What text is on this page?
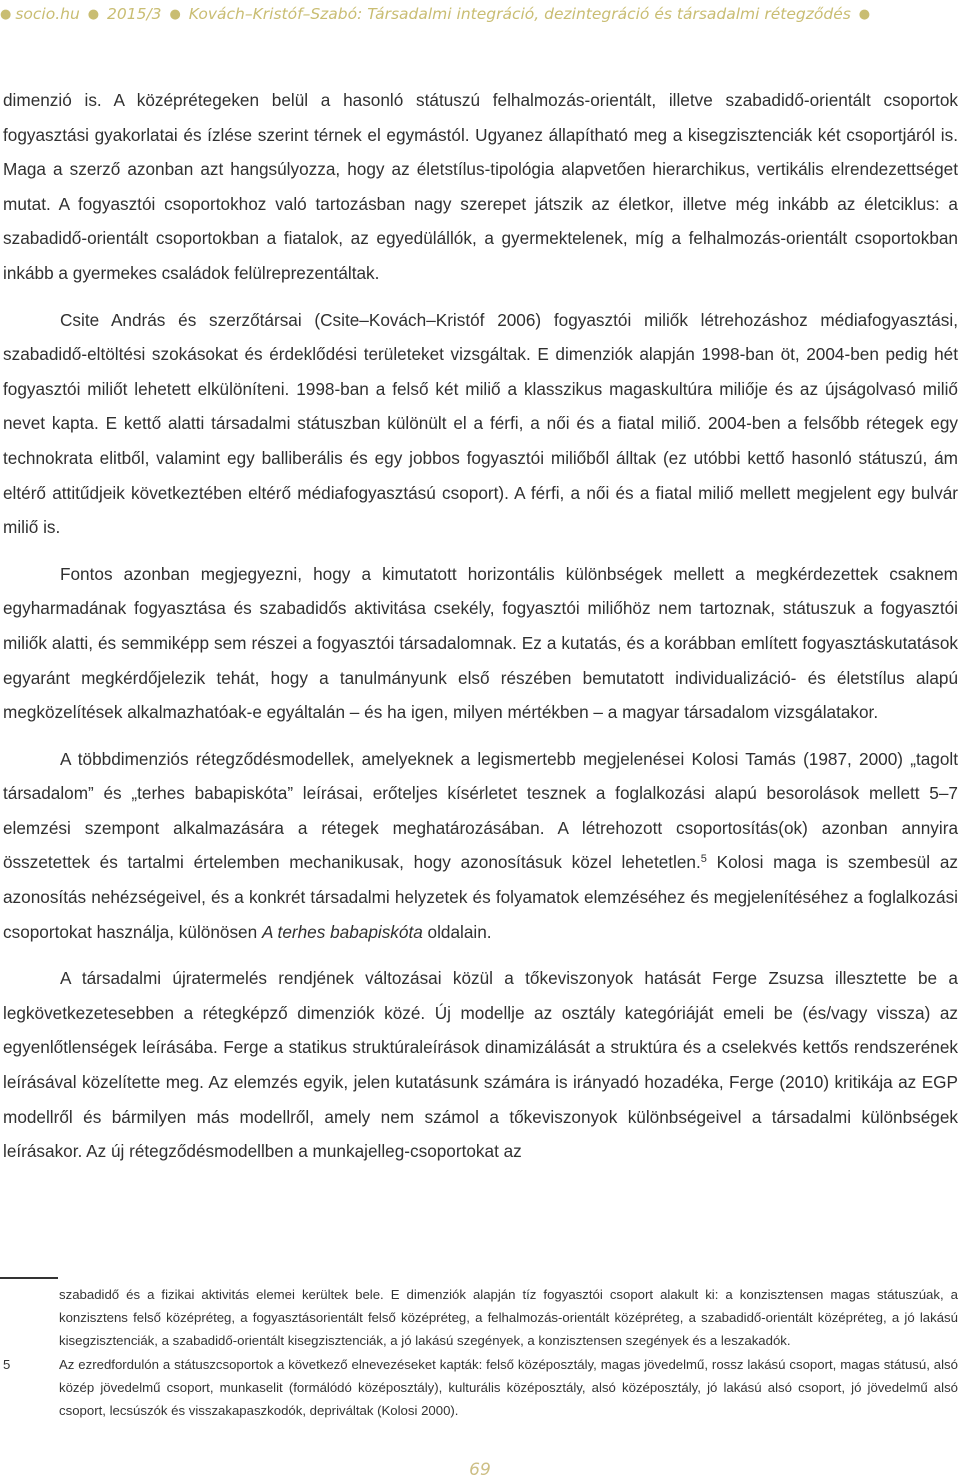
● socio.hu ● 2015/3 ● Kovách–Kristóf–Szabó: Társadalmi integráció, dezintegráció és társadalmi rétegződés ●

dimenzió is. A középrétegeken belül a hasonló státuszú felhalmozás-orientált, illetve szabadidő-orientált csoportok fogyasztási gyakorlatai és ízlése szerint térnek el egymástól. Ugyanez állapítható meg a kisegzisztenciák két csoportjáról is. Maga a szerző azonban azt hangsúlyozza, hogy az életstílus-tipológia alapvetően hierarchikus, vertikális elrendezettséget mutat. A fogyasztói csoportokhoz való tartozásban nagy szerepet játszik az életkor, illetve még inkább az életciklus: a szabadidő-orientált csoportokban a fiatalok, az egyedülállók, a gyermektelenek, míg a felhalmozás-orientált csoportokban inkább a gyermekes családok felülreprezentáltak.

Csite András és szerzőtársai (Csite–Kovách–Kristóf 2006) fogyasztói miliők létrehozáshoz médiafogyasztási, szabadidő-eltöltési szokásokat és érdeklődési területeket vizsgáltak. E dimenziók alapján 1998-ban öt, 2004-ben pedig hét fogyasztói miliőt lehetett elkülöníteni. 1998-ban a felső két miliő a klasszikus magaskultúra miliője és az újságolvasó miliő nevet kapta. E kettő alatti társadalmi státuszban különült el a férfi, a női és a fiatal miliő. 2004-ben a felsőbb rétegek egy technokrata elitből, valamint egy balliberális és egy jobbos fogyasztói miliőből álltak (ez utóbbi kettő hasonló státuszú, ám eltérő attitűdjeik következtében eltérő médiafogyasztású csoport). A férfi, a női és a fiatal miliő mellett megjelent egy bulvár miliő is.

Fontos azonban megjegyezni, hogy a kimutatott horizontális különbségek mellett a megkérdezettek csaknem egyharmadának fogyasztása és szabadidős aktivitása csekély, fogyasztói miliőhöz nem tartoznak, státuszuk a fogyasztói miliők alatti, és semmiképp sem részei a fogyasztói társadalomnak. Ez a kutatás, és a korábban említett fogyasztáskutatások egyaránt megkérdőjelezik tehát, hogy a tanulmányunk első részében bemutatott individualizáció- és életstílus alapú megközelítések alkalmazhatóak-e egyáltalán – és ha igen, milyen mértékben – a magyar társadalom vizsgálatakor.

A többdimenziós rétegződésmodellek, amelyeknek a legismertebb megjelenései Kolosi Tamás (1987, 2000) „tagolt társadalom” és „terhes babapiskóta” leírásai, erőteljes kísérletet tesznek a foglalkozási alapú besorolások mellett 5–7 elemzési szempont alkalmazására a rétegek meghatározásában. A létrehozott csoportosítás(ok) azonban annyira összetettek és tartalmi értelemben mechanikusak, hogy azonosításuk közel lehetetlen.$^5$ Kolosi maga is szembesül az azonosítás nehézségeivel, és a konkrét társadalmi helyzetek és folyamatok elemzéséhez és megjelenítéséhez a foglalkozási csoportokat használja, különösen A terhes babapiskóta oldalain.

A társadalmi újratermelés rendjének változásai közül a tőkeviszonyok hatását Ferge Zsuzsa illesztette be a legkövetkezetesebben a rétegképző dimenziók közé. Új modellje az osztály kategóriáját emeli be (és/vagy vissza) az egyenlőtlenségek leírásába. Ferge a statikus struktúraleírások dinamizálását a struktúra és a cselekvés kettős rendszerének leírásával közelítette meg. Az elemzés egyik, jelen kutatásunk számára is irányadó hozadéka, Ferge (2010) kritikája az EGP modellről és bármilyen más modellről, amely nem számol a tőkeviszonyok különbségeivel a társadalmi különbségek leírásakor. Az új rétegződésmodellben a munkajelleg-csoportokat az

szabadidő és a fizikai aktivitás elemei kerültek bele. E dimenziók alapján tíz fogyasztói csoport alakult ki: a konzisztensen magas státuszúak, a konzisztens felső középréteg, a fogyasztásorientált felső középréteg, a felhalmozás-orientált középréteg, a szabadidő-orientált középréteg, a jó lakású kisegzisztenciák, a szabadidő-orientált kisegzisztenciák, a jó lakású szegények, a konzisztensen szegények és a leszakadók.

5	Az ezredfordulón a státuszcsoportok a következő elnevezéseket kapták: felső középosztály, magas jövedelmű, rossz lakású csoport, magas státusú, alsó közép jövedelmű csoport, munkaselit (formálódó középosztály), kulturális középosztály, alsó középosztály, jó lakású alsó csoport, jó jövedelmű alsó csoport, lecsúszók és visszakapaszkodók, depriváltak (Kolosi 2000).

69
